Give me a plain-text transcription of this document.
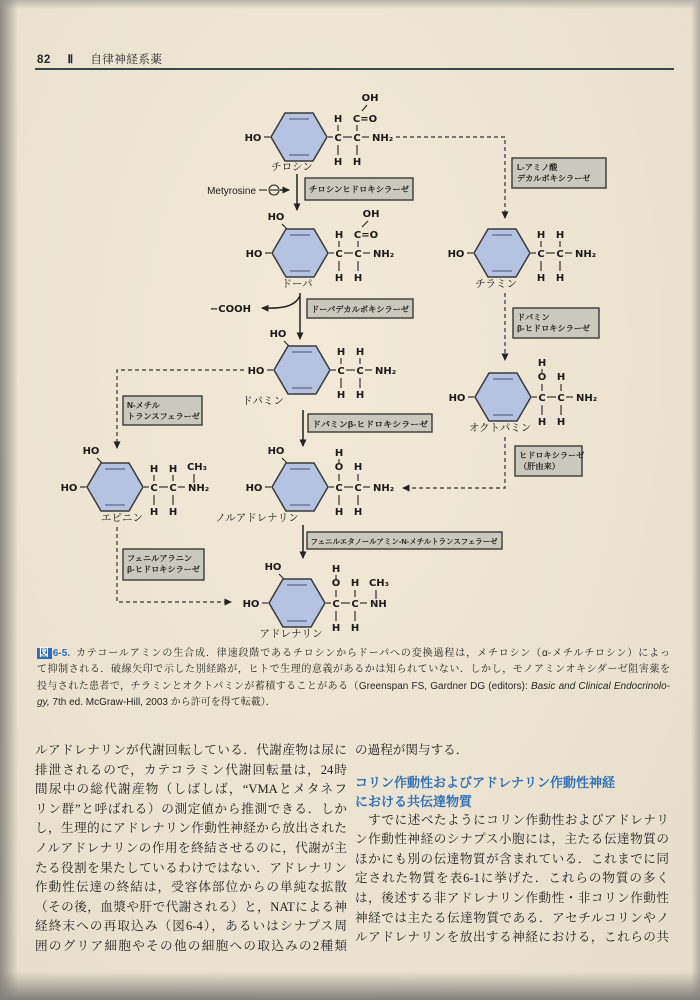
82 Ⅱ 自律神経系薬
Metyrosine
−COOH
HO	C C NH₂
H
H
C=O
OH
H
チロシン
HO
HO	C C NH₂
H
H
C=O
OH
H
ドーパ
HO	C C NH₂
H H
H H
チラミン
HO
HO	C C NH₂
H H
H H
ドパミン	HO	C C NH₂
H
O H
H H
オクトパミン
HO
HO	C C NH₂
H H
H H
CH₃
エピニン
HO
HO	C C NH₂
H
O H
H H
ノルアドレナリン
HO
HO	C C NH
H
O H CH₃
H H
アドレナリン
チロシンヒドロキシラーゼ
L-アミノ酸
デカルボキシラーゼ
ドーパデカルボキシラーゼ
ドパミン
β-ヒドロキシラーゼ
N-メチル
トランスフェラーゼ
ドパミンβ-ヒドロキシラーゼ
ヒドロキシラーゼ
（肝由来）
フェニルエタノールアミン-N-メチルトランスフェラーゼ
フェニルアラニン
β-ヒドロキシラーゼ
図 6-5. カテコールアミンの生合成．律速段階であるチロシンからドーパへの変換過程は，メチロシン（α-メチルチロシン）によっ
て抑制される．破線矢印で示した別経路が，ヒトで生理的意義があるかは知られていない．しかし，モノアミンオキシダーゼ阻害薬を
投与された患者で，チラミンとオクトパミンが蓄積することがある（Greenspan FS, Gardner DG (editors): Basic and Clinical Endocrinolo-
gy, 7th ed. McGraw-Hill, 2003 から許可を得て転載）．
ルアドレナリンが代謝回転している．代謝産物は尿に
排泄されるので，カテコラミン代謝回転量は，24時
間尿中の総代謝産物（しばしば，“VMAとメタネフ
リン群”と呼ばれる）の測定値から推測できる．しか
し，生理的にアドレナリン作動性神経から放出された
ノルアドレナリンの作用を終結させるのに，代謝が主
たる役割を果たしているわけではない．アドレナリン
作動性伝達の終結は，受容体部位からの単純な拡散
（その後，血漿や肝で代謝される）と，NATによる神
経終末への再取込み（図6-4），あるいはシナプス周
囲のグリア細胞やその他の細胞への取込みの2種類
の過程が関与する．
コリン作動性およびアドレナリン作動性神経
における共伝達物質
　すでに述べたようにコリン作動性およびアドレナリ
ン作動性神経のシナプス小胞には，主たる伝達物質の
ほかにも別の伝達物質が含まれている．これまでに同
定された物質を表6-1に挙げた．これらの物質の多く
は，後述する非アドレナリン作動性・非コリン作動性
神経では主たる伝達物質である．アセチルコリンやノ
ルアドレナリンを放出する神経における，これらの共
